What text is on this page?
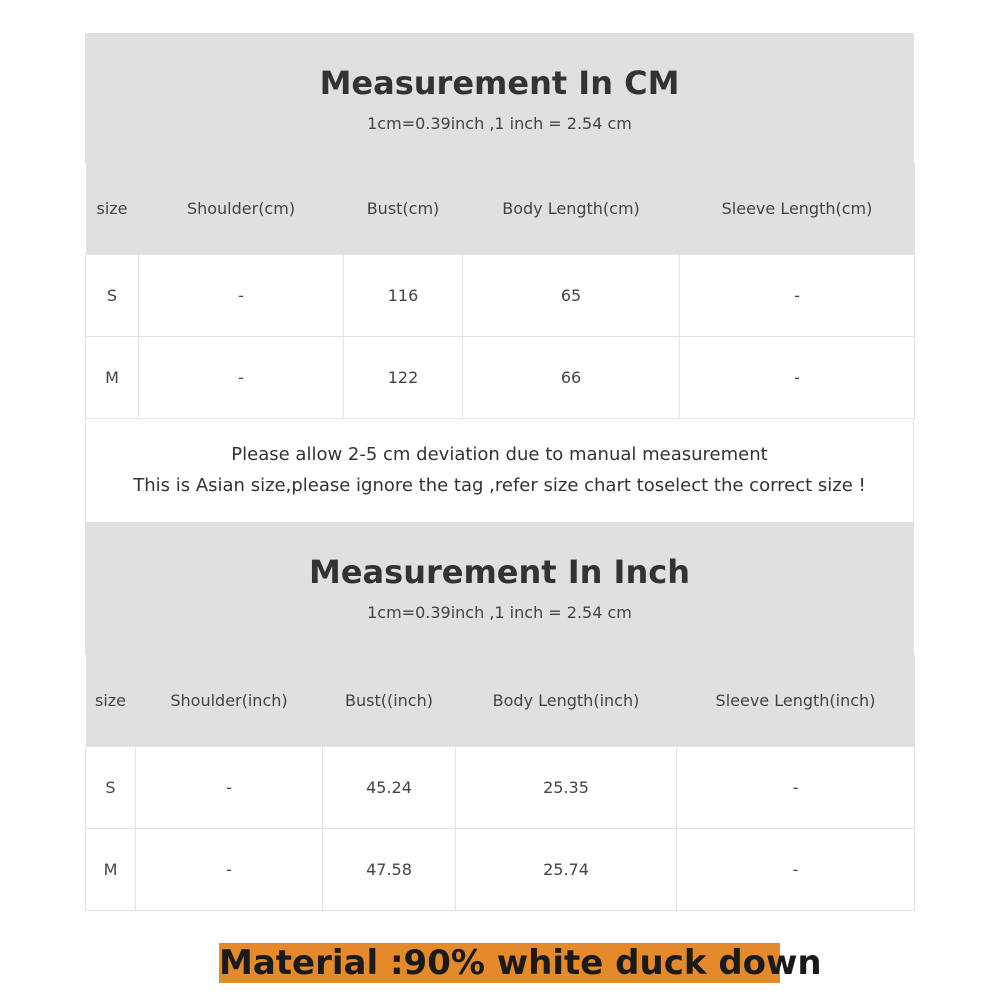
Measurement In CM
1cm=0.39inch ,1 inch = 2.54 cm
size	Shoulder(cm)	Bust(cm)	Body Length(cm)	Sleeve Length(cm)
S	-	116	65	-
M	-	122	66	-
Please allow 2-5 cm deviation due to manual measurement
This is Asian size,please ignore the tag ,refer size chart toselect the correct size !
Measurement In Inch
1cm=0.39inch ,1 inch = 2.54 cm
size	Shoulder(inch)	Bust((inch)	Body Length(inch)	Sleeve Length(inch)
S	-	45.24	25.35	-
M	-	47.58	25.74	-
Material :90% white duck down
